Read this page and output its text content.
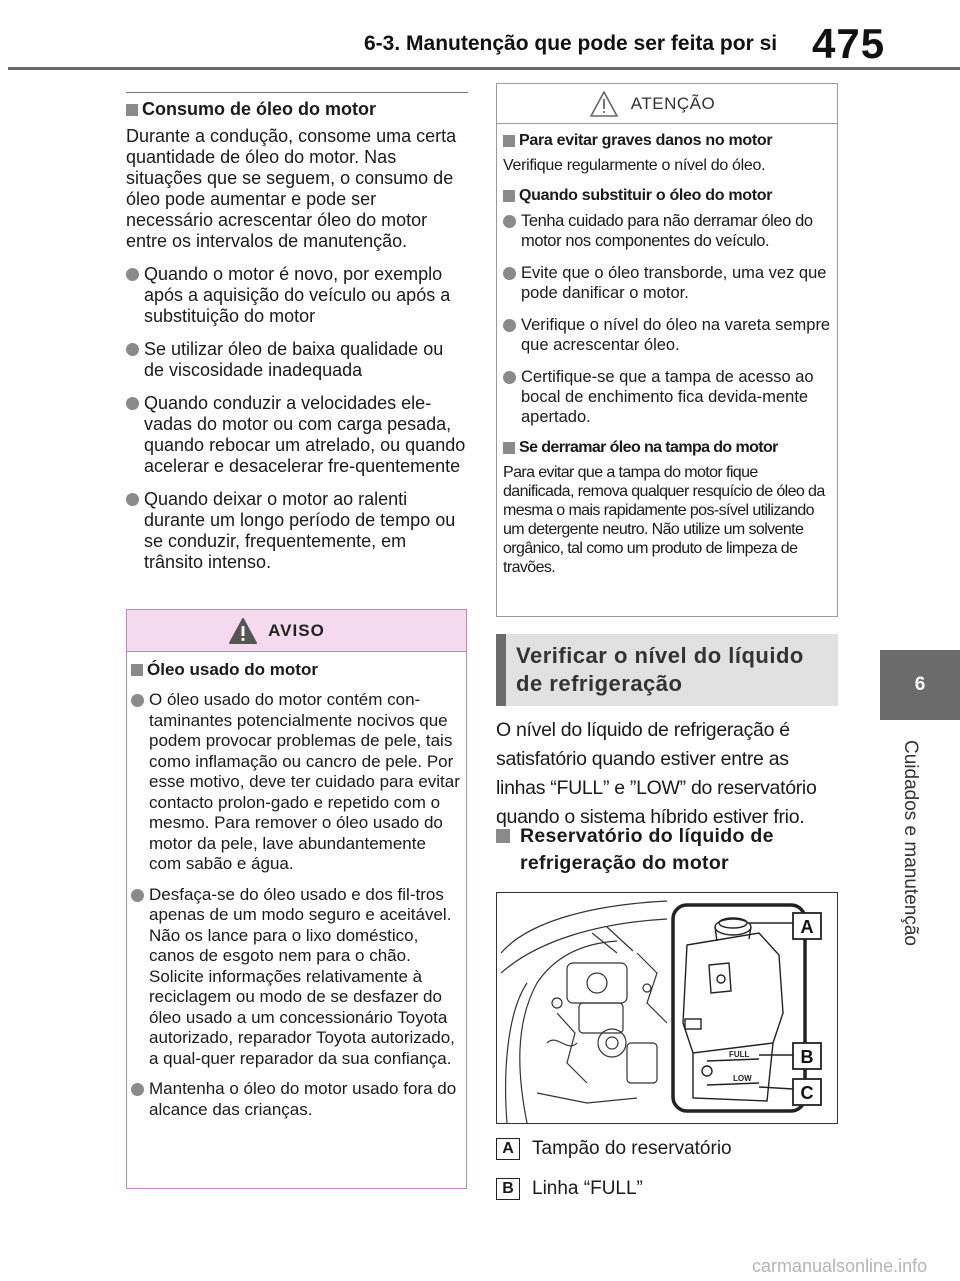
6-3. Manutenção que pode ser feita por si 475
6
Cuidados e manutenção
Consumo de óleo do motor
Durante a condução, consome uma certa quantidade de óleo do motor. Nas situações que se seguem, o consumo de óleo pode aumentar e pode ser necessário acrescentar óleo do motor entre os intervalos de manutenção.
Quando o motor é novo, por exemplo após a aquisição do veículo ou após a substituição do motor
Se utilizar óleo de baixa qualidade ou de viscosidade inadequada
Quando conduzir a velocidades ele-vadas do motor ou com carga pesada, quando rebocar um atrelado, ou quando acelerar e desacelerar fre-quentemente
Quando deixar o motor ao ralenti durante um longo período de tempo ou se conduzir, frequentemente, em trânsito intenso.
AVISO
Óleo usado do motor
O óleo usado do motor contém con-taminantes potencialmente nocivos que podem provocar problemas de pele, tais como inflamação ou cancro de pele. Por esse motivo, deve ter cuidado para evitar contacto prolon-gado e repetido com o mesmo. Para remover o óleo usado do motor da pele, lave abundantemente com sabão e água.
Desfaça-se do óleo usado e dos fil-tros apenas de um modo seguro e aceitável. Não os lance para o lixo doméstico, canos de esgoto nem para o chão. Solicite informações relativamente à reciclagem ou modo de se desfazer do óleo usado a um concessionário Toyota autorizado, reparador Toyota autorizado, a qual-quer reparador da sua confiança.
Mantenha o óleo do motor usado fora do alcance das crianças.
ATENÇÃO
Para evitar graves danos no motor
Verifique regularmente o nível do óleo.
Quando substituir o óleo do motor
Tenha cuidado para não derramar óleo do motor nos componentes do veículo.
Evite que o óleo transborde, uma vez que pode danificar o motor.
Verifique o nível do óleo na vareta sempre que acrescentar óleo.
Certifique-se que a tampa de acesso ao bocal de enchimento fica devida-mente apertado.
Se derramar óleo na tampa do motor
Para evitar que a tampa do motor fique danificada, remova qualquer resquício de óleo da mesma o mais rapidamente pos-sível utilizando um detergente neutro. Não utilize um solvente orgânico, tal como um produto de limpeza de travões.
Verificar o nível do líquido de refrigeração
O nível do líquido de refrigeração é satisfatório quando estiver entre as linhas “FULL” e ”LOW” do reservatório quando o sistema híbrido estiver frio.
Reservatório do líquido de refrigeração do motor
FULL
LOW
A
B
C
A Tampão do reservatório
B Linha “FULL”
carmanualsonline.info
